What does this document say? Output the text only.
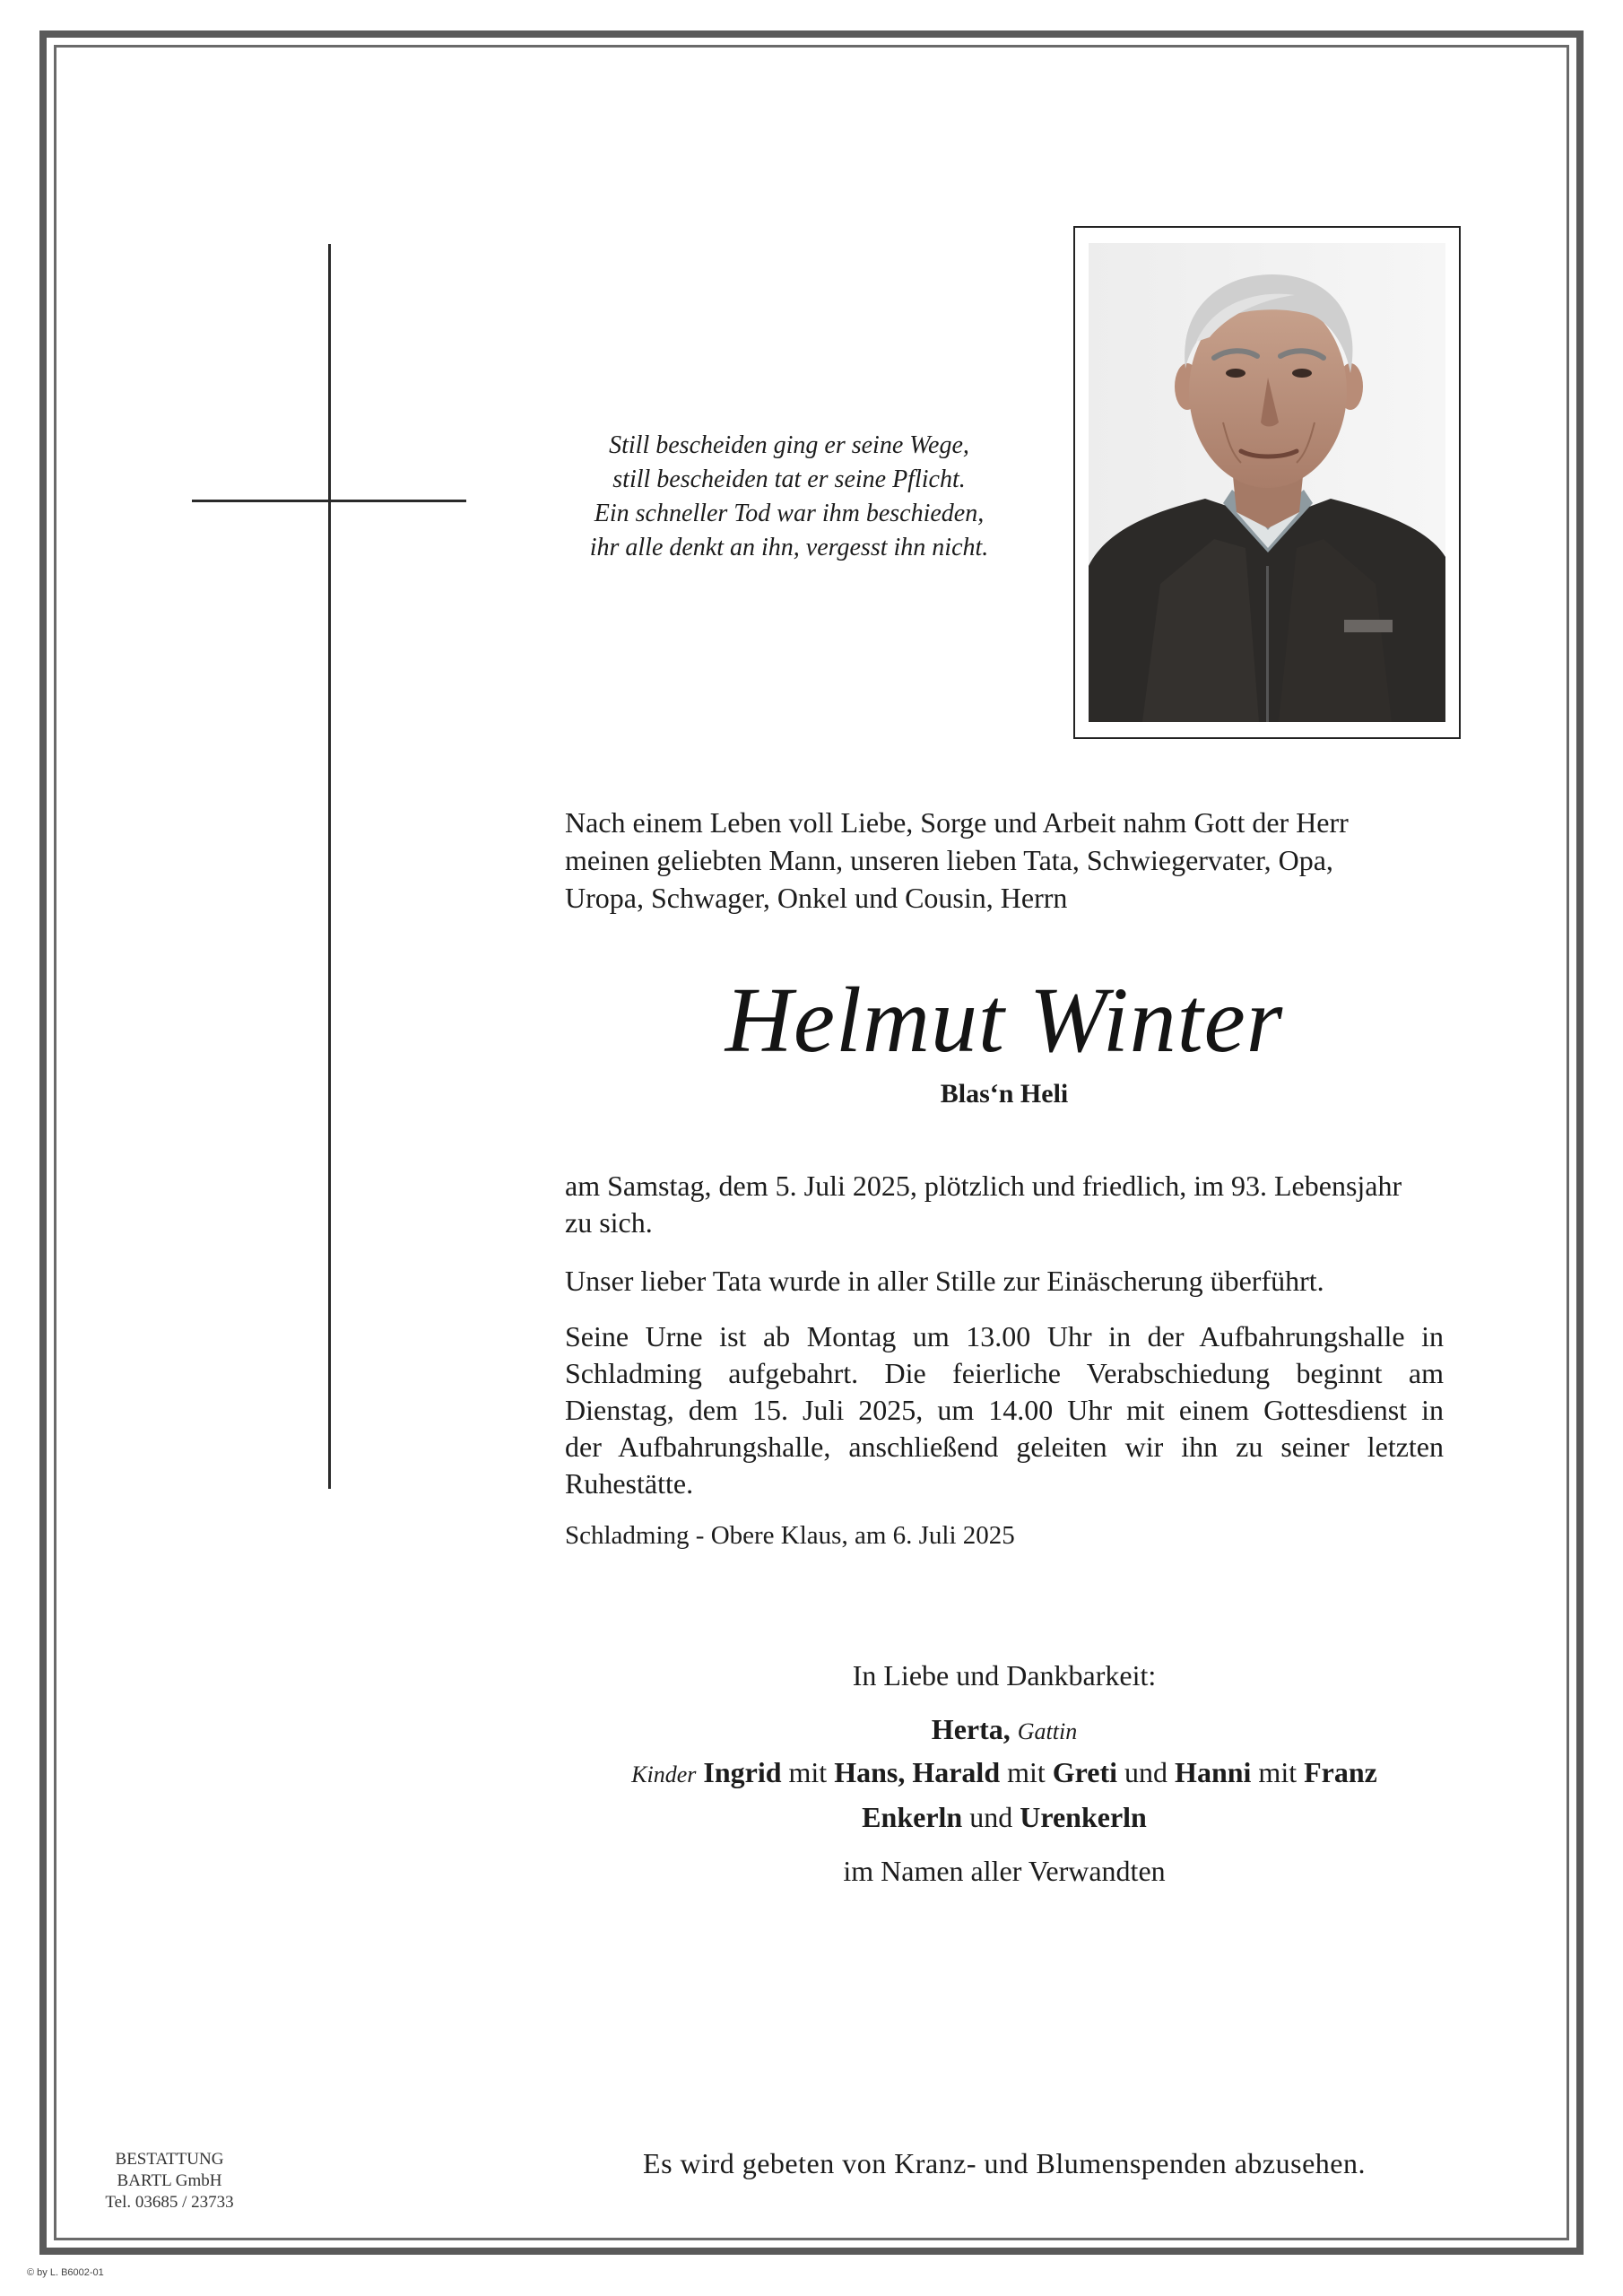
Still bescheiden ging er seine Wege,
still bescheiden tat er seine Pflicht.
Ein schneller Tod war ihm beschieden,
ihr alle denkt an ihn, vergesst ihn nicht.
Nach einem Leben voll Liebe, Sorge und Arbeit nahm Gott der Herr
meinen geliebten Mann, unseren lieben Tata, Schwiegervater, Opa,
Uropa, Schwager, Onkel und Cousin, Herrn
Helmut Winter
Blas‘n Heli
am Samstag, dem 5. Juli 2025, plötzlich und friedlich, im 93. Lebensjahr
zu sich.
Unser lieber Tata wurde in aller Stille zur Einäscherung überführt.
Seine Urne ist ab Montag um 13.00 Uhr in der Aufbahrungshalle in
Schladming aufgebahrt. Die feierliche Verabschiedung beginnt am
Dienstag, dem 15. Juli 2025, um 14.00 Uhr mit einem Gottesdienst in
der Aufbahrungshalle, anschließend geleiten wir ihn zu seiner letzten
Ruhestätte.
Schladming - Obere Klaus, am 6. Juli 2025
In Liebe und Dankbarkeit:
Herta, Gattin
Kinder Ingrid mit Hans, Harald mit Greti und Hanni mit Franz
Enkerln und Urenkerln
im Namen aller Verwandten
Es wird gebeten von Kranz- und Blumenspenden abzusehen.
BESTATTUNG
BARTL GmbH
Tel. 03685 / 23733
© by L. B6002-01
